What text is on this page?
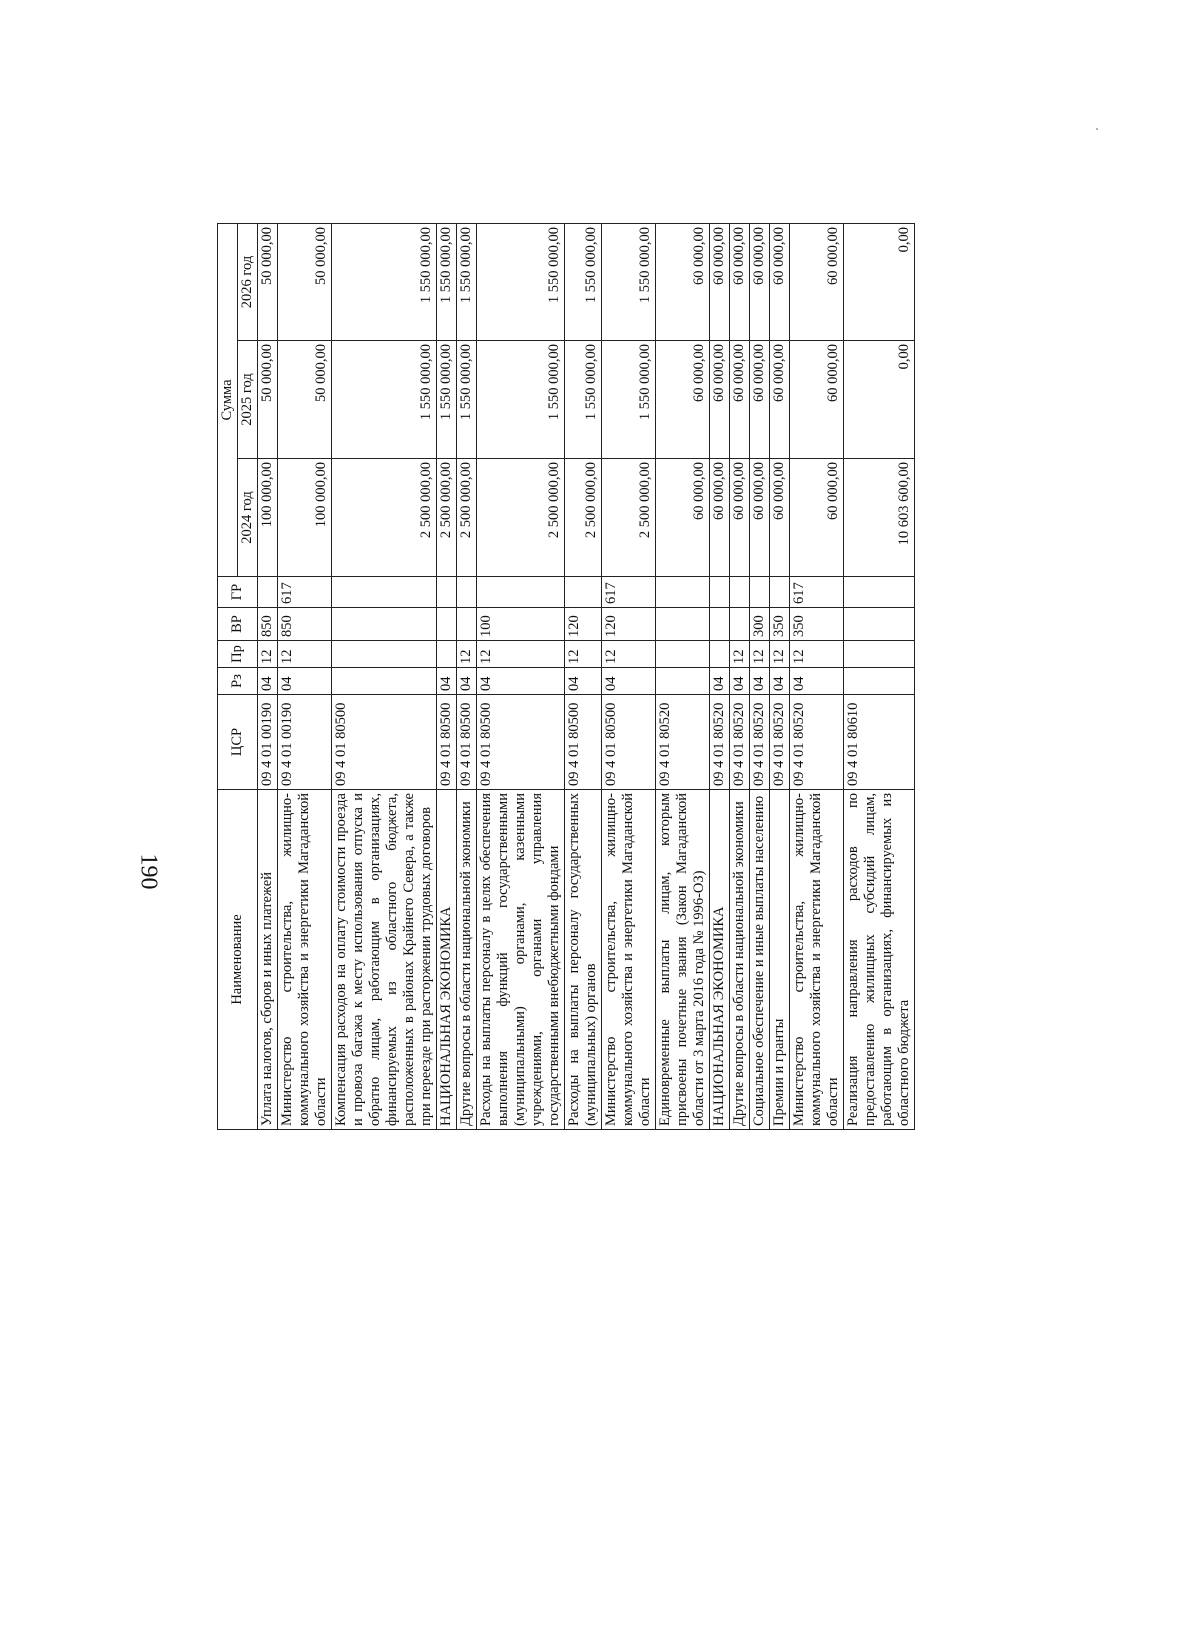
190
Наименование	ЦСР	Рз	Пр	ВР	ГР	Сумма		
						2024 год	2025 год	2026 год
Уплата налогов, сборов и иных платежей	09 4 01 00190	04	12	850		100 000,00	50 000,00	50 000,00
Министерство строительства, жилищно-коммунального хозяйства и энергетики Магаданской области	09 4 01 00190	04	12	850	617	100 000,00	50 000,00	50 000,00
Компенсация расходов на оплату стоимости проезда и провоза багажа к месту использования отпуска и обратно лицам, работающим в организациях, финансируемых из областного бюджета, расположенных в районах Крайнего Севера, а также при переезде при расторжении трудовых договоров	09 4 01 80500					2 500 000,00	1 550 000,00	1 550 000,00
НАЦИОНАЛЬНАЯ ЭКОНОМИКА	09 4 01 80500	04				2 500 000,00	1 550 000,00	1 550 000,00
Другие вопросы в области национальной экономики	09 4 01 80500	04	12			2 500 000,00	1 550 000,00	1 550 000,00
Расходы на выплаты персоналу в целях обеспечения выполнения функций государственными (муниципальными) органами, казенными учреждениями, органами управления государственными внебюджетными фондами	09 4 01 80500	04	12	100		2 500 000,00	1 550 000,00	1 550 000,00
Расходы на выплаты персоналу государственных (муниципальных) органов	09 4 01 80500	04	12	120		2 500 000,00	1 550 000,00	1 550 000,00
Министерство строительства, жилищно-коммунального хозяйства и энергетики Магаданской области	09 4 01 80500	04	12	120	617	2 500 000,00	1 550 000,00	1 550 000,00
Единовременные выплаты лицам, которым присвоены почетные звания (Закон Магаданской области от 3 марта 2016 года № 1996-ОЗ)	09 4 01 80520					60 000,00	60 000,00	60 000,00
НАЦИОНАЛЬНАЯ ЭКОНОМИКА	09 4 01 80520	04				60 000,00	60 000,00	60 000,00
Другие вопросы в области национальной экономики	09 4 01 80520	04	12			60 000,00	60 000,00	60 000,00
Социальное обеспечение и иные выплаты населению	09 4 01 80520	04	12	300		60 000,00	60 000,00	60 000,00
Премии и гранты	09 4 01 80520	04	12	350		60 000,00	60 000,00	60 000,00
Министерство строительства, жилищно-коммунального хозяйства и энергетики Магаданской области	09 4 01 80520	04	12	350	617	60 000,00	60 000,00	60 000,00
Реализация направления расходов по предоставлению жилищных субсидий лицам, работающим в организациях, финансируемых из областного бюджета	09 4 01 80610					10 603 600,00	0,00	0,00
